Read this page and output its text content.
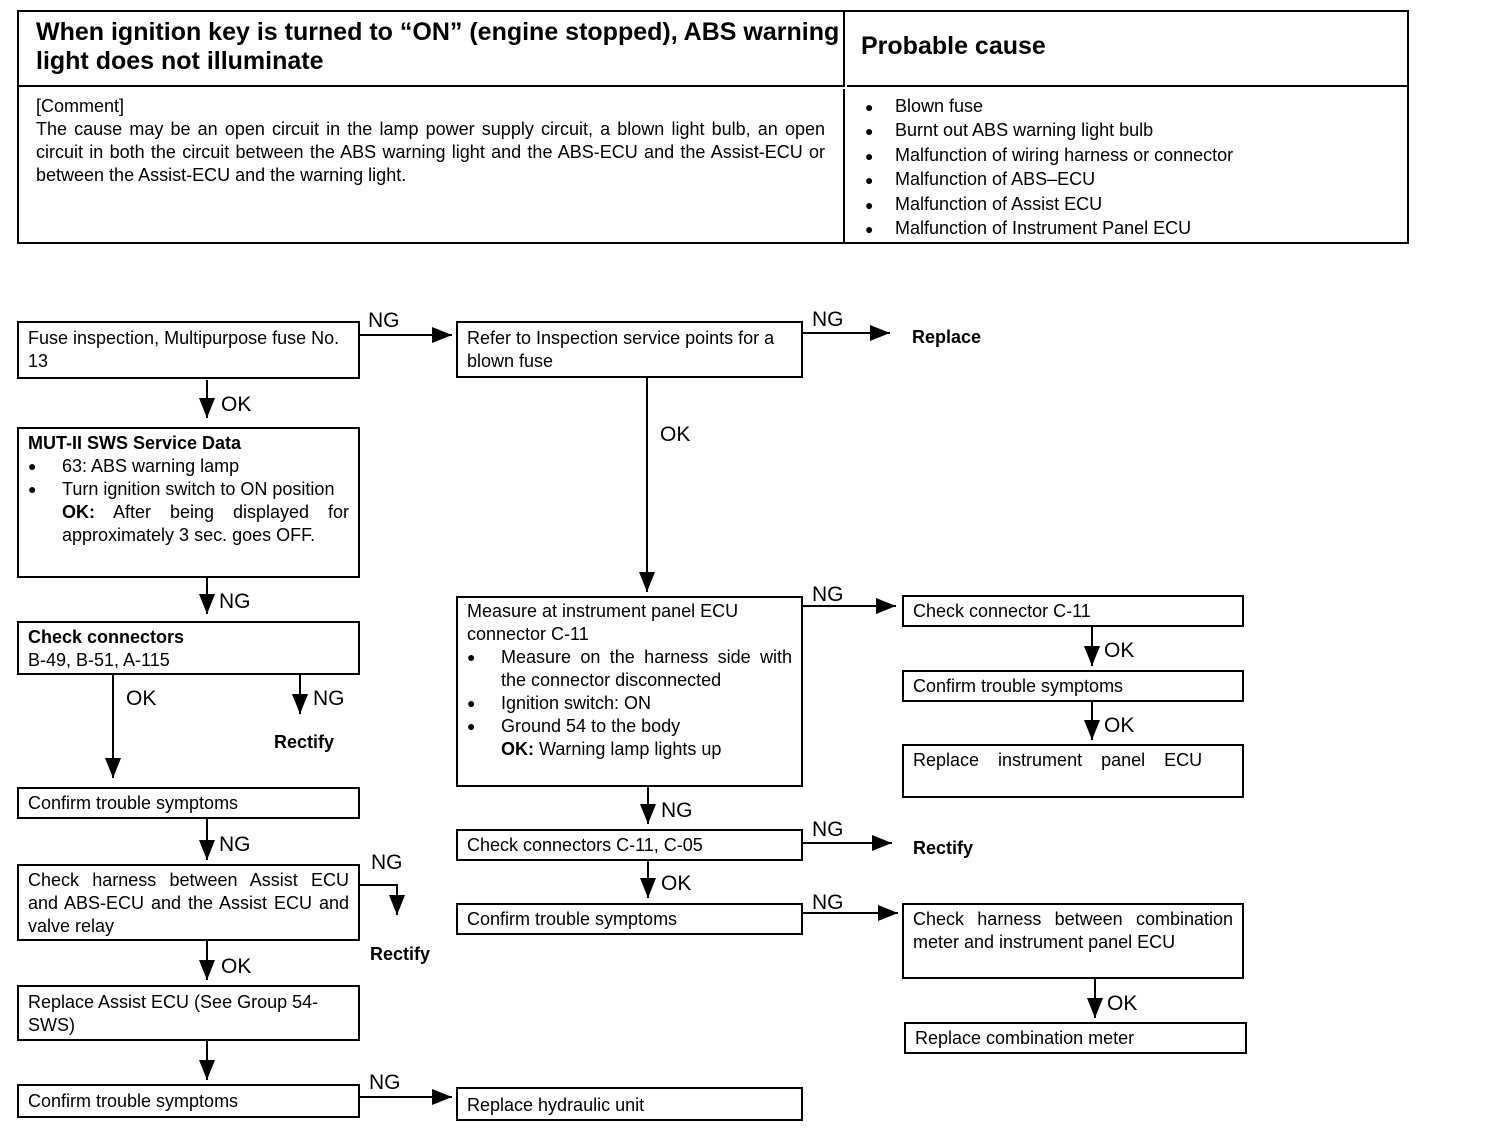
When ignition key is turned to “ON” (engine stopped), ABS warning light does not illuminate
Probable cause
[Comment]
The cause may be an open circuit in the lamp power supply circuit, a blown light bulb, an open circuit in both the circuit between the ABS warning light and the ABS-ECU and the Assist-ECU or between the Assist-ECU and the warning light.
● Blown fuse
● Burnt out ABS warning light bulb
● Malfunction of wiring harness or connector
● Malfunction of ABS–ECU
● Malfunction of Assist ECU
● Malfunction of Instrument Panel ECU
Fuse inspection, Multipurpose fuse No. 13
MUT-II SWS Service Data
●	63: ABS warning lamp
●	Turn ignition switch to ON position
OK: After being displayed for approximately 3 sec. goes OFF.
Check connectors
B-49, B-51, A-115
Confirm trouble symptoms
Check harness between Assist ECU and ABS-ECU and the Assist ECU and valve relay
Replace Assist ECU (See Group 54-SWS)
Confirm trouble symptoms
Refer to Inspection service points for a blown fuse
Measure at instrument panel ECU connector C-11
●	Measure on the harness side with the connector disconnected
●	Ignition switch: ON
●	Ground 54 to the body
OK: Warning lamp lights up
Check connectors C-11, C-05
Confirm trouble symptoms
Replace hydraulic unit
Check connector C-11
Confirm trouble symptoms
Replace instrument panel ECU
Check harness between combination meter and instrument panel ECU
Replace combination meter
Replace
Rectify
Rectify
Rectify
NG	NG
OK
NG
OK	NG
NG
NG
OK
NG
OK
NG
OK
OK
NG
NG
OK
NG
OK
